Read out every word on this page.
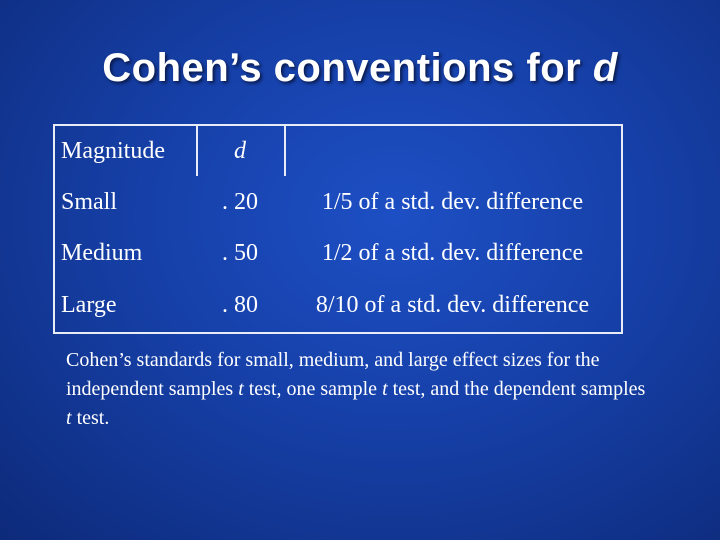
Cohen’s conventions for d
Magnitude	d
Small	. 20	1/5 of a std. dev. difference
Medium	. 50	1/2 of a std. dev. difference
Large	. 80	8/10 of a std. dev. difference
Cohen’s standards for small, medium, and large effect sizes for the independent samples t test, one sample t test, and the dependent samples t test.
